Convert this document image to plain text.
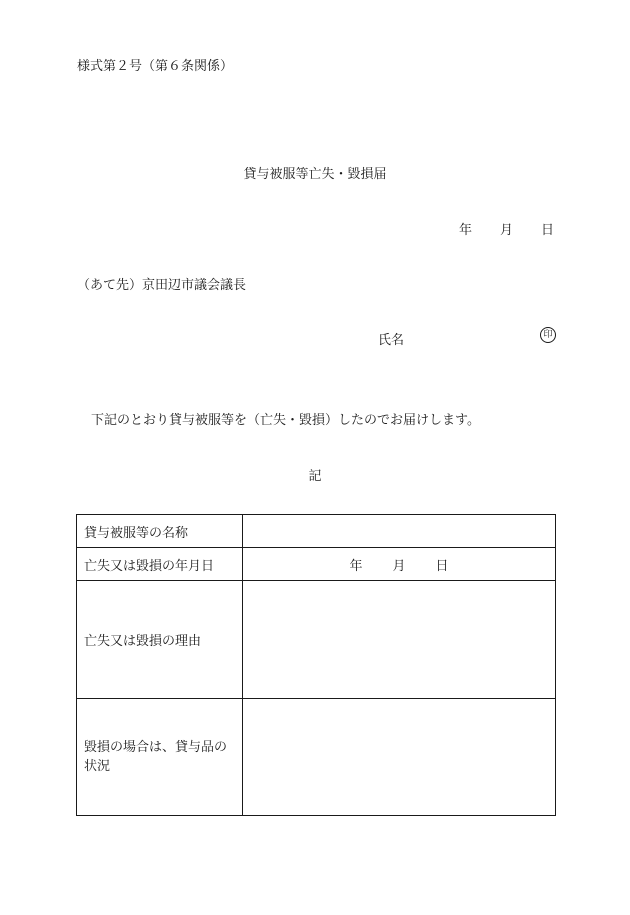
様式第２号（第６条関係）
貸与被服等亡失・毀損届
年 月 日
（あて先）京田辺市議会議長
氏名	印
下記のとおり貸与被服等を（亡失・毀損）したのでお届けします。
記
貸与被服等の名称	
亡失又は毀損の年月日	年 月 日
亡失又は毀損の理由	
毀損の場合は、貸与品の状況	
